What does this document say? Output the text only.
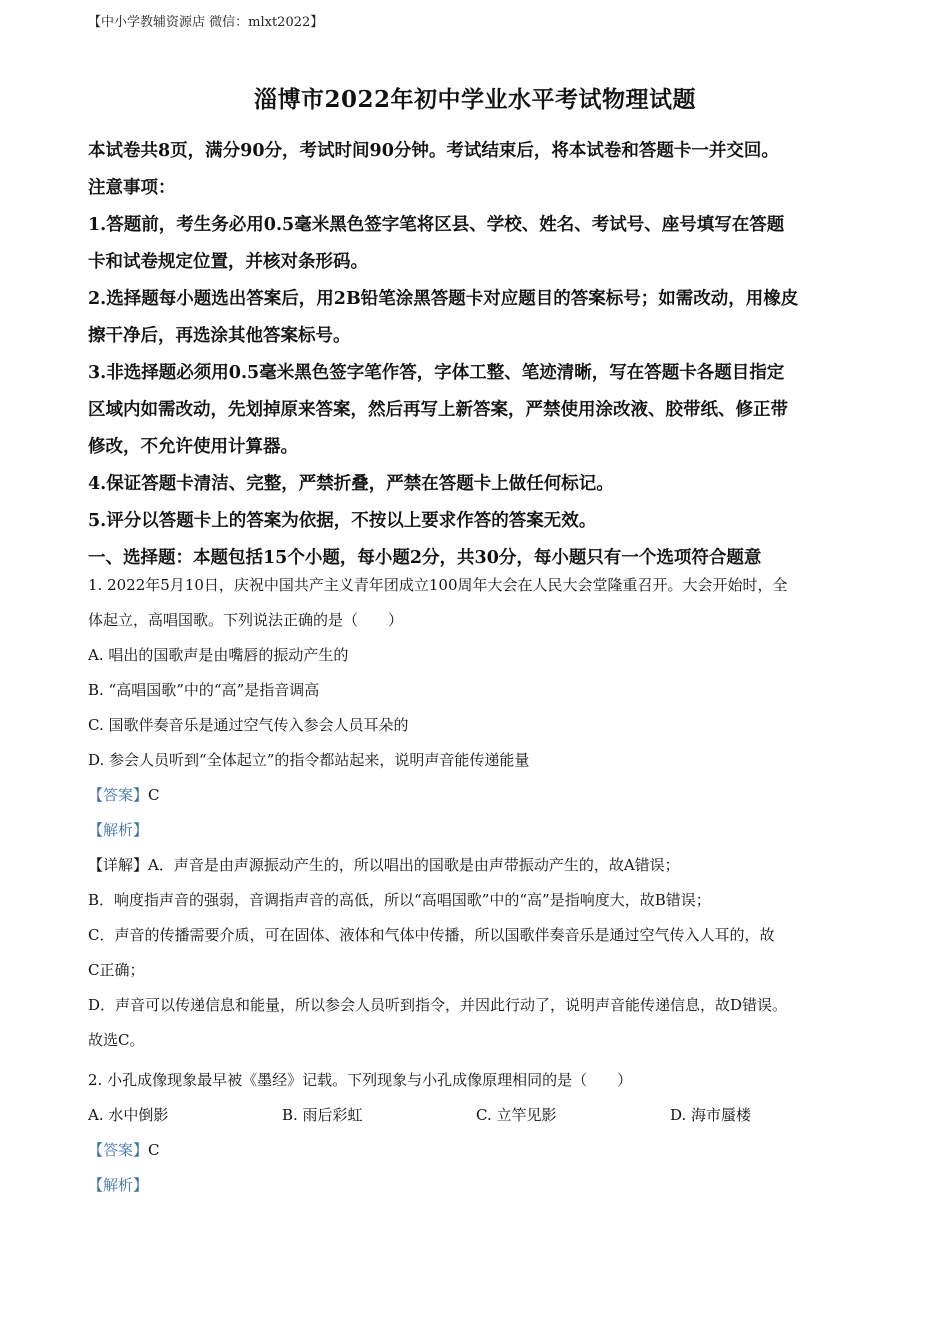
【中小学教辅资源店 微信：mlxt2022】
淄博市2022年初中学业水平考试物理试题

本试卷共8页，满分90分，考试时间90分钟。考试结束后，将本试卷和答题卡一并交回。

注意事项：

1.答题前，考生务必用0.5毫米黑色签字笔将区县、学校、姓名、考试号、座号填写在答题

卡和试卷规定位置，并核对条形码。

2.选择题每小题选出答案后，用2B铅笔涂黑答题卡对应题目的答案标号；如需改动，用橡皮

擦干净后，再选涂其他答案标号。

3.非选择题必须用0.5毫米黑色签字笔作答，字体工整、笔迹清晰，写在答题卡各题目指定

区域内如需改动，先划掉原来答案，然后再写上新答案，严禁使用涂改液、胶带纸、修正带

修改，不允许使用计算器。

4.保证答题卡清洁、完整，严禁折叠，严禁在答题卡上做任何标记。

5.评分以答题卡上的答案为依据，不按以上要求作答的答案无效。

一、选择题：本题包括15个小题，每小题2分，共30分，每小题只有一个选项符合题意

1. 2022年5月10日，庆祝中国共产主义青年团成立100周年大会在人民大会堂隆重召开。大会开始时，全

体起立，高唱国歌。下列说法正确的是（　　）

A. 唱出的国歌声是由嘴唇的振动产生的

B. “高唱国歌”中的“高”是指音调高

C. 国歌伴奏音乐是通过空气传入参会人员耳朵的

D. 参会人员听到“全体起立”的指令都站起来，说明声音能传递能量

【答案】C

【解析】

【详解】A．声音是由声源振动产生的，所以唱出的国歌是由声带振动产生的，故A错误；

B．响度指声音的强弱，音调指声音的高低，所以“高唱国歌”中的“高”是指响度大，故B错误；

C．声音的传播需要介质，可在固体、液体和气体中传播，所以国歌伴奏音乐是通过空气传入人耳的，故

C正确；

D．声音可以传递信息和能量，所以参会人员听到指令，并因此行动了，说明声音能传递信息，故D错误。

故选C。

2. 小孔成像现象最早被《墨经》记载。下列现象与小孔成像原理相同的是（　　）

A. 水中倒影	B. 雨后彩虹	C. 立竿见影	D. 海市蜃楼

【答案】C

【解析】
